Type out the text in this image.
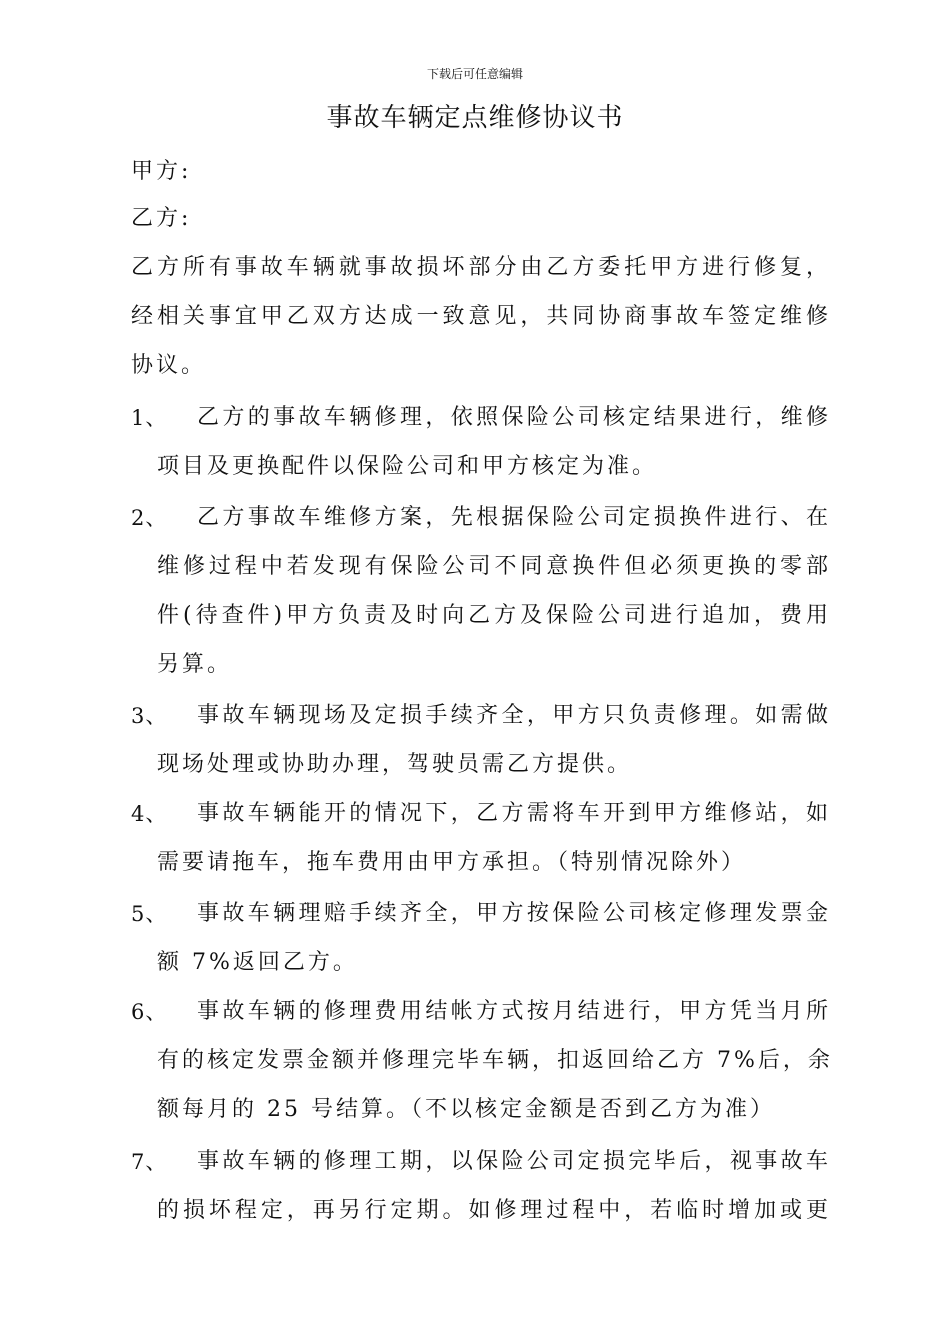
下载后可任意编辑
事故车辆定点维修协议书
甲方:
乙方:
乙方所有事故车辆就事故损坏部分由乙方委托甲方进行修复，
经相关事宜甲乙双方达成一致意见，共同协商事故车签定维修
协议。
1、 乙方的事故车辆修理，依照保险公司核定结果进行，维修
项目及更换配件以保险公司和甲方核定为准。
2、 乙方事故车维修方案，先根据保险公司定损换件进行、在
维修过程中若发现有保险公司不同意换件但必须更换的零部
件(待查件)甲方负责及时向乙方及保险公司进行追加，费用
另算。
3、 事故车辆现场及定损手续齐全，甲方只负责修理。如需做
现场处理或协助办理，驾驶员需乙方提供。
4、 事故车辆能开的情况下，乙方需将车开到甲方维修站，如
需要请拖车，拖车费用由甲方承担。（特别情况除外）
5、 事故车辆理赔手续齐全，甲方按保险公司核定修理发票金
额 7%返回乙方。
6、 事故车辆的修理费用结帐方式按月结进行，甲方凭当月所
有的核定发票金额并修理完毕车辆，扣返回给乙方 7%后，余
额每月的 25 号结算。（不以核定金额是否到乙方为准）
7、 事故车辆的修理工期，以保险公司定损完毕后，视事故车
的损坏程定，再另行定期。如修理过程中，若临时增加或更
